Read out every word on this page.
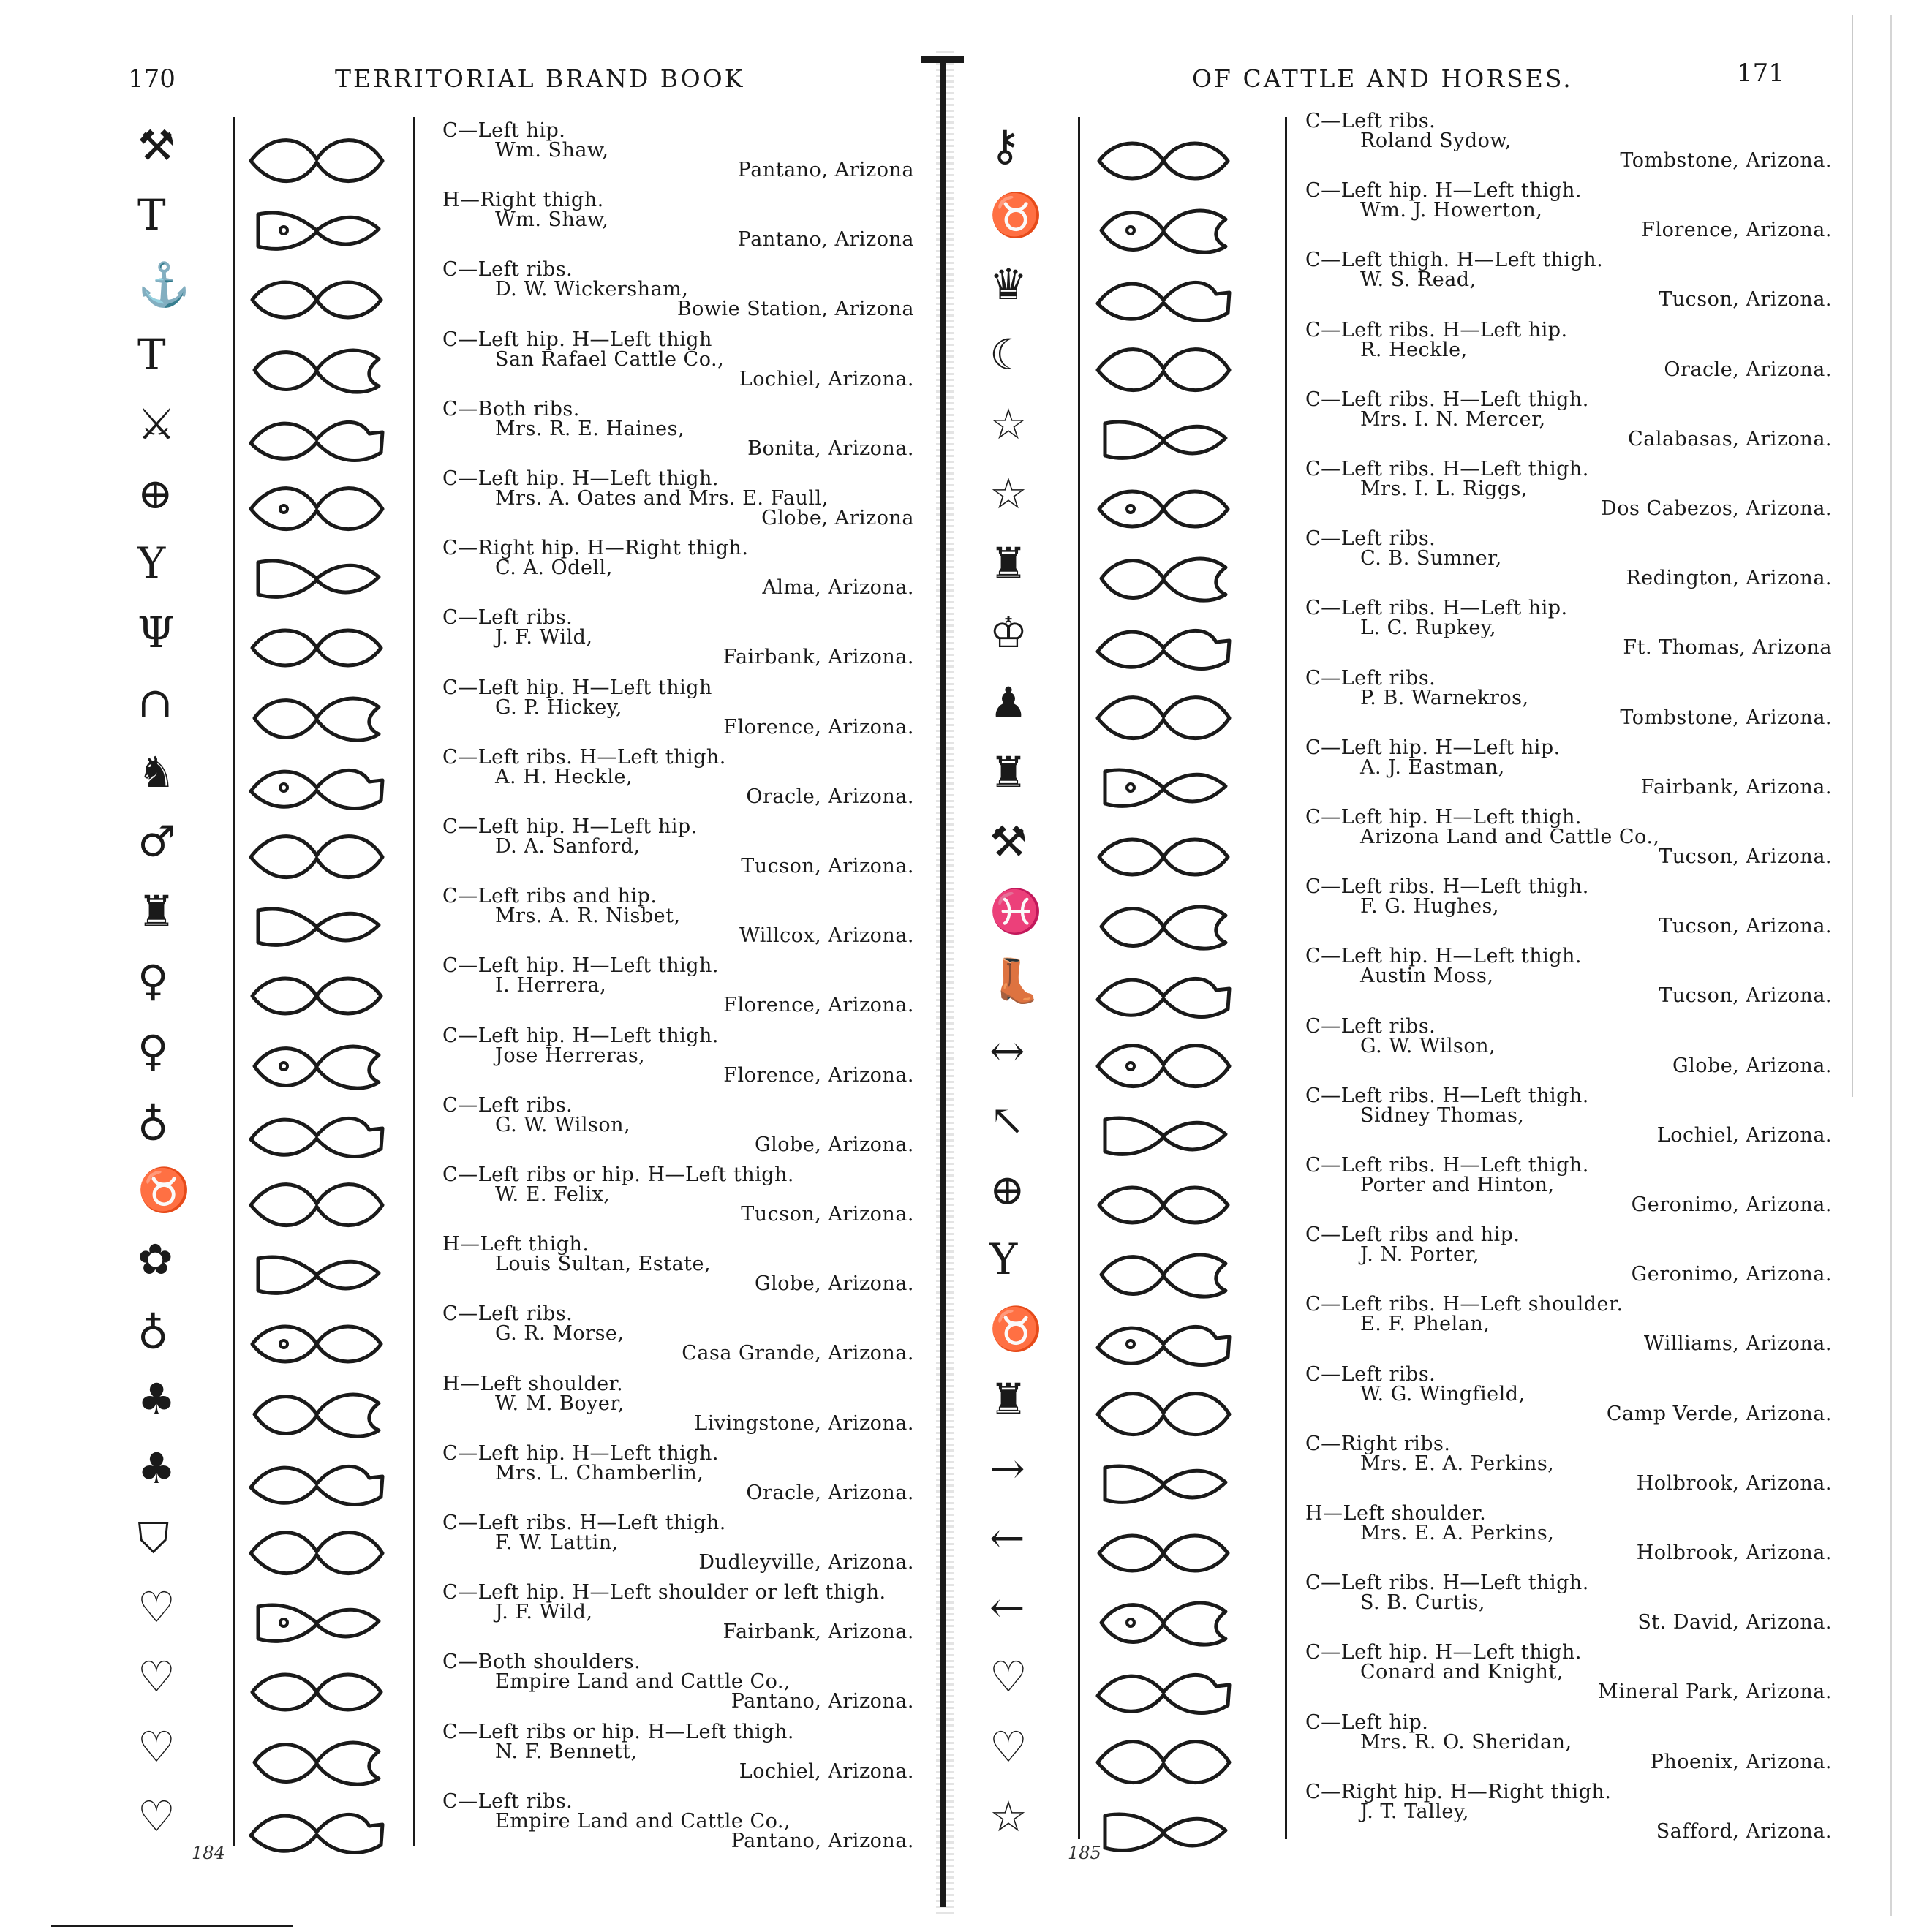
170	TERRITORIAL BRAND BOOK
⚒
T
⚓
T
⚔
⊕
Y
Ψ
∩
♞
♂
♜
♀
♀
♁
♉
✿
♁
♣
♣
⛉
♡
♡
♡
♡
C—Left hip.
Wm. Shaw,
Pantano, Arizona
H—Right thigh.
Wm. Shaw,
Pantano, Arizona
C—Left ribs.
D. W. Wickersham,
Bowie Station, Arizona
C—Left hip. H—Left thigh
San Rafael Cattle Co.,
Lochiel, Arizona.
C—Both ribs.
Mrs. R. E. Haines,
Bonita, Arizona.
C—Left hip. H—Left thigh.
Mrs. A. Oates and Mrs. E. Faull,
Globe, Arizona
C—Right hip. H—Right thigh.
C. A. Odell,
Alma, Arizona.
C—Left ribs.
J. F. Wild,
Fairbank, Arizona.
C—Left hip. H—Left thigh
G. P. Hickey,
Florence, Arizona.
C—Left ribs. H—Left thigh.
A. H. Heckle,
Oracle, Arizona.
C—Left hip. H—Left hip.
D. A. Sanford,
Tucson, Arizona.
C—Left ribs and hip.
Mrs. A. R. Nisbet,
Willcox, Arizona.
C—Left hip. H—Left thigh.
I. Herrera,
Florence, Arizona.
C—Left hip. H—Left thigh.
Jose Herreras,
Florence, Arizona.
C—Left ribs.
G. W. Wilson,
Globe, Arizona.
C—Left ribs or hip. H—Left thigh.
W. E. Felix,
Tucson, Arizona.
H—Left thigh.
Louis Sultan, Estate,
Globe, Arizona.
C—Left ribs.
G. R. Morse,
Casa Grande, Arizona.
H—Left shoulder.
W. M. Boyer,
Livingstone, Arizona.
C—Left hip. H—Left thigh.
Mrs. L. Chamberlin,
Oracle, Arizona.
C—Left ribs. H—Left thigh.
F. W. Lattin,
Dudleyville, Arizona.
C—Left hip. H—Left shoulder or left thigh.
J. F. Wild,
Fairbank, Arizona.
C—Both shoulders.
Empire Land and Cattle Co.,
Pantano, Arizona.
C—Left ribs or hip. H—Left thigh.
N. F. Bennett,
Lochiel, Arizona.
C—Left ribs.
Empire Land and Cattle Co.,
Pantano, Arizona.
184
OF CATTLE AND HORSES.	171
⚷
♉
♛
☾
☆
☆
♜
♔
♟
♜
⚒
♓
👢
↔
↖
⊕
Y
♉
♜
→
←
←
♡
♡
☆
C—Left ribs.
Roland Sydow,
Tombstone, Arizona.
C—Left hip. H—Left thigh.
Wm. J. Howerton,
Florence, Arizona.
C—Left thigh. H—Left thigh.
W. S. Read,
Tucson, Arizona.
C—Left ribs. H—Left hip.
R. Heckle,
Oracle, Arizona.
C—Left ribs. H—Left thigh.
Mrs. I. N. Mercer,
Calabasas, Arizona.
C—Left ribs. H—Left thigh.
Mrs. I. L. Riggs,
Dos Cabezos, Arizona.
C—Left ribs.
C. B. Sumner,
Redington, Arizona.
C—Left ribs. H—Left hip.
L. C. Rupkey,
Ft. Thomas, Arizona
C—Left ribs.
P. B. Warnekros,
Tombstone, Arizona.
C—Left hip. H—Left hip.
A. J. Eastman,
Fairbank, Arizona.
C—Left hip. H—Left thigh.
Arizona Land and Cattle Co.,
Tucson, Arizona.
C—Left ribs. H—Left thigh.
F. G. Hughes,
Tucson, Arizona.
C—Left hip. H—Left thigh.
Austin Moss,
Tucson, Arizona.
C—Left ribs.
G. W. Wilson,
Globe, Arizona.
C—Left ribs. H—Left thigh.
Sidney Thomas,
Lochiel, Arizona.
C—Left ribs. H—Left thigh.
Porter and Hinton,
Geronimo, Arizona.
C—Left ribs and hip.
J. N. Porter,
Geronimo, Arizona.
C—Left ribs. H—Left shoulder.
E. F. Phelan,
Williams, Arizona.
C—Left ribs.
W. G. Wingfield,
Camp Verde, Arizona.
C—Right ribs.
Mrs. E. A. Perkins,
Holbrook, Arizona.
H—Left shoulder.
Mrs. E. A. Perkins,
Holbrook, Arizona.
C—Left ribs. H—Left thigh.
S. B. Curtis,
St. David, Arizona.
C—Left hip. H—Left thigh.
Conard and Knight,
Mineral Park, Arizona.
C—Left hip.
Mrs. R. O. Sheridan,
Phoenix, Arizona.
C—Right hip. H—Right thigh.
J. T. Talley,
Safford, Arizona.
185
